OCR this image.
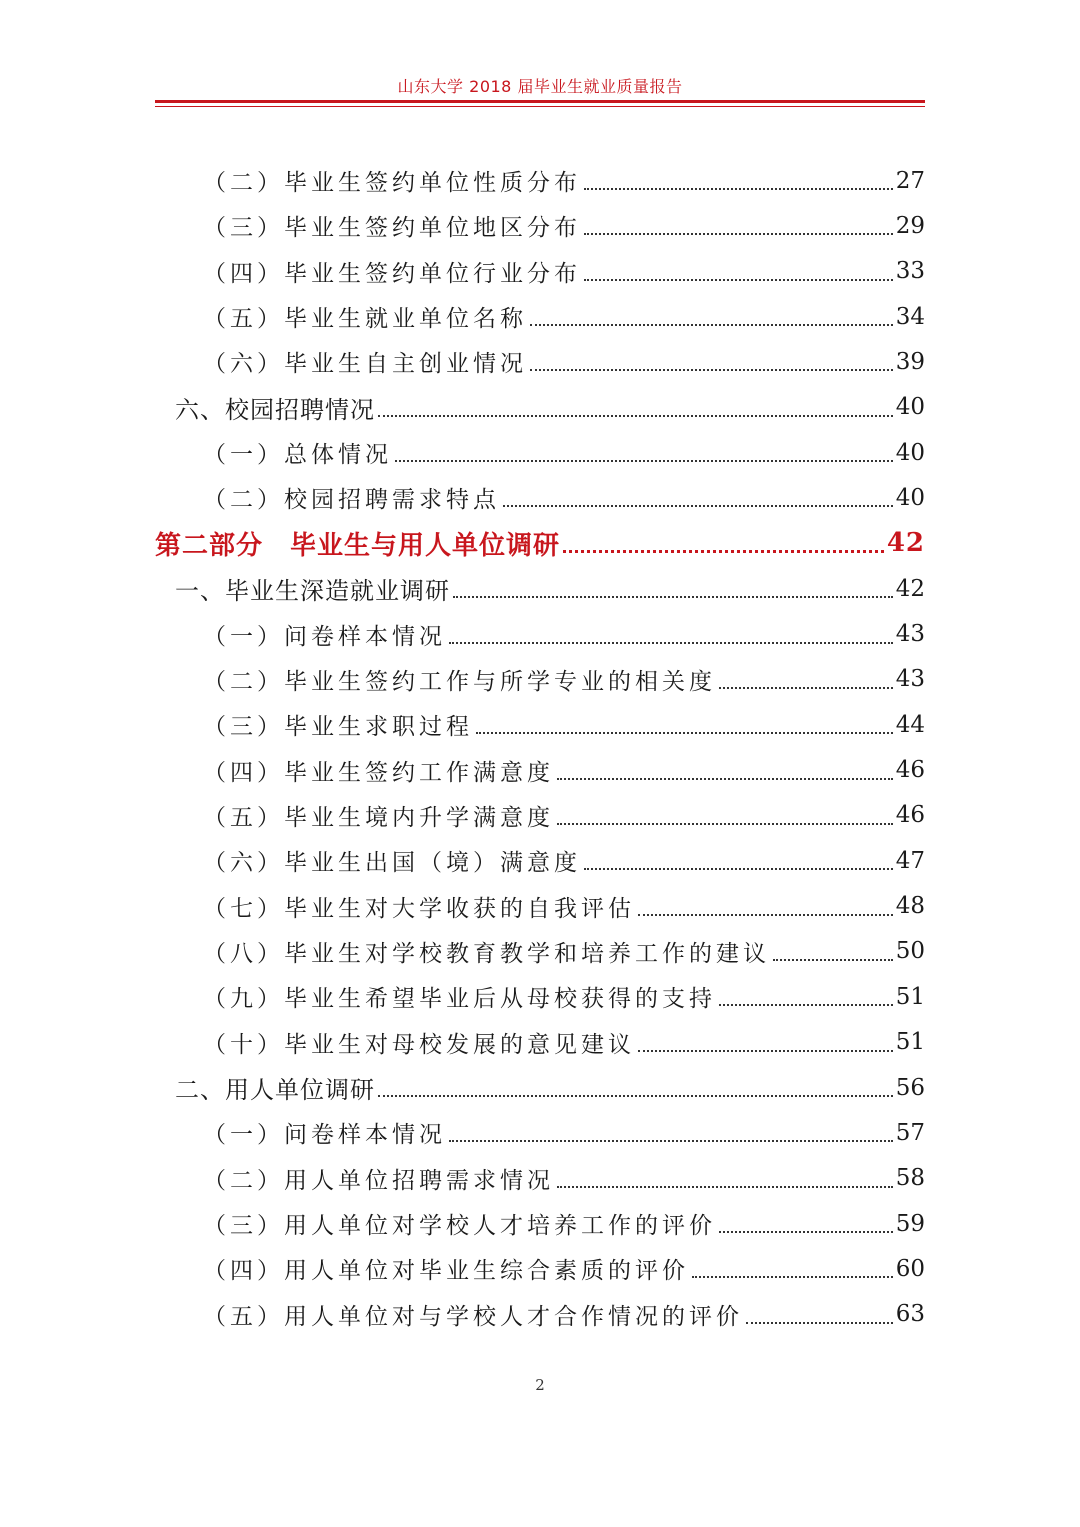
山东大学 2018 届毕业生就业质量报告
（二）毕业生签约单位性质分布	27
（三）毕业生签约单位地区分布	29
（四）毕业生签约单位行业分布	33
（五）毕业生就业单位名称	34
（六）毕业生自主创业情况	39
六、校园招聘情况	40
（一）总体情况	40
（二）校园招聘需求特点	40
第二部分　毕业生与用人单位调研	42
一、毕业生深造就业调研	42
（一）问卷样本情况	43
（二）毕业生签约工作与所学专业的相关度	43
（三）毕业生求职过程	44
（四）毕业生签约工作满意度	46
（五）毕业生境内升学满意度	46
（六）毕业生出国（境）满意度	47
（七）毕业生对大学收获的自我评估	48
（八）毕业生对学校教育教学和培养工作的建议	50
（九）毕业生希望毕业后从母校获得的支持	51
（十）毕业生对母校发展的意见建议	51
二、用人单位调研	56
（一）问卷样本情况	57
（二）用人单位招聘需求情况	58
（三）用人单位对学校人才培养工作的评价	59
（四）用人单位对毕业生综合素质的评价	60
（五）用人单位对与学校人才合作情况的评价	63
2
